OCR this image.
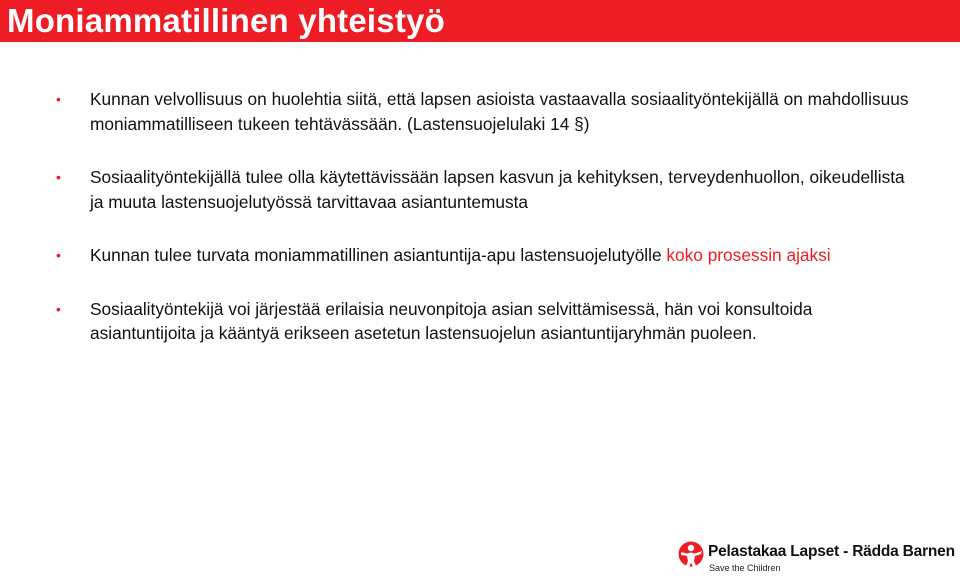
Moniammatillinen yhteistyö
• Kunnan velvollisuus on huolehtia siitä, että lapsen asioista vastaavalla sosiaalityöntekijällä on mahdollisuus moniammatilliseen tukeen tehtävässään. (Lastensuojelulaki 14 §)
• Sosiaalityöntekijällä tulee olla käytettävissään lapsen kasvun ja kehityksen, terveydenhuollon, oikeudellista ja muuta lastensuojelutyössä tarvittavaa asiantuntemusta
• Kunnan tulee turvata moniammatillinen asiantuntija-apu lastensuojelutyölle koko prosessin ajaksi
• Sosiaalityöntekijä voi järjestää erilaisia neuvonpitoja asian selvittämisessä, hän voi konsultoida asiantuntijoita ja kääntyä erikseen asetetun lastensuojelun asiantuntijaryhmän puoleen.
Pelastakaa Lapset - Rädda Barnen
Save the Children
